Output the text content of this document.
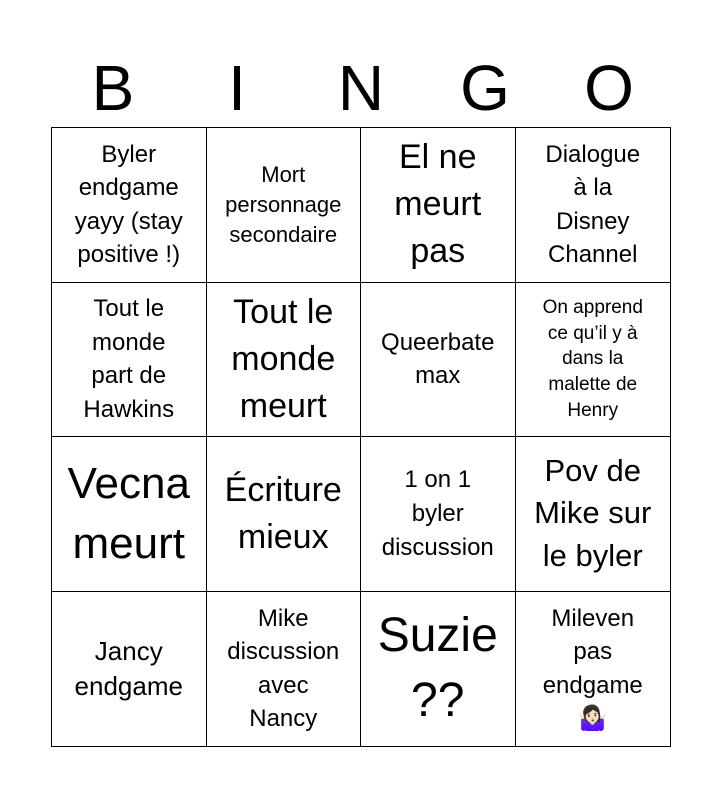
B	I	N	G	O
Byler
endgame
yayy (stay
positive !)
Mort
personnage
secondaire
El ne
meurt
pas
Dialogue
à la
Disney
Channel
Tout le
monde
part de
Hawkins
Tout le
monde
meurt
Queerbate
max
On apprend
ce qu’il y à
dans la
malette de
Henry
Vecna
meurt
Écriture
mieux
1 on 1
byler
discussion
Pov de
Mike sur
le byler
Jancy
endgame
Mike
discussion
avec
Nancy
Suzie
??
Mileven
pas
endgame
🤷🏻‍♀️
